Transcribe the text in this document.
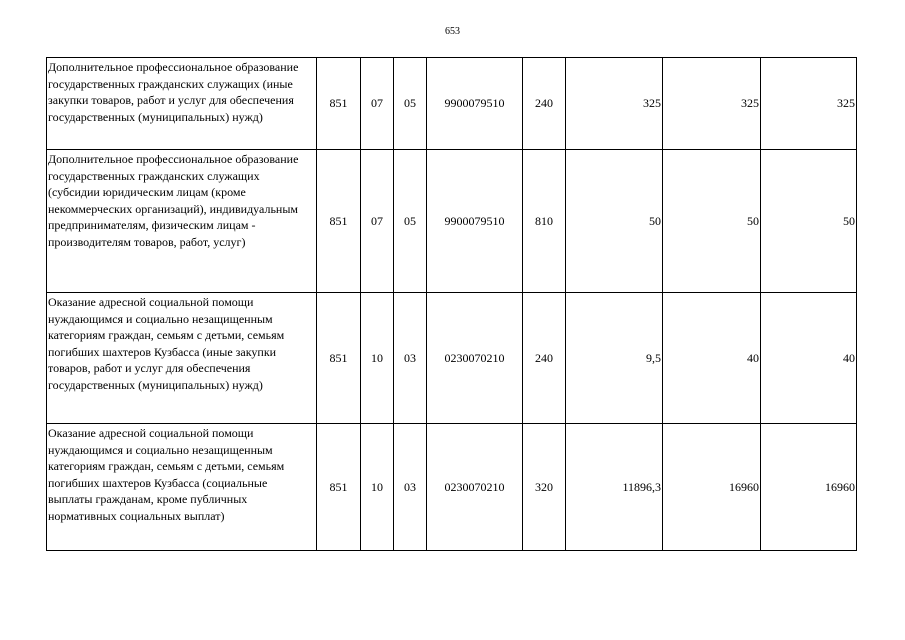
653
Дополнительное профессиональное образование государственных гражданских служащих (иные закупки товаров, работ и услуг для обеспечения государственных (муниципальных) нужд)	851	07	05	9900079510	240	325	325	325
Дополнительное профессиональное образование государственных гражданских служащих (субсидии юридическим лицам (кроме некоммерческих организаций), индивидуальным предпринимателям, физическим лицам - производителям товаров, работ, услуг)	851	07	05	9900079510	810	50	50	50
Оказание адресной социальной помощи нуждающимся и социально незащищенным категориям граждан, семьям с детьми, семьям погибших шахтеров Кузбасса (иные закупки товаров, работ и услуг для обеспечения государственных (муниципальных) нужд)	851	10	03	0230070210	240	9,5	40	40
Оказание адресной социальной помощи нуждающимся и социально незащищенным категориям граждан, семьям с детьми, семьям погибших шахтеров Кузбасса (социальные выплаты гражданам, кроме публичных нормативных социальных выплат)	851	10	03	0230070210	320	11896,3	16960	16960
